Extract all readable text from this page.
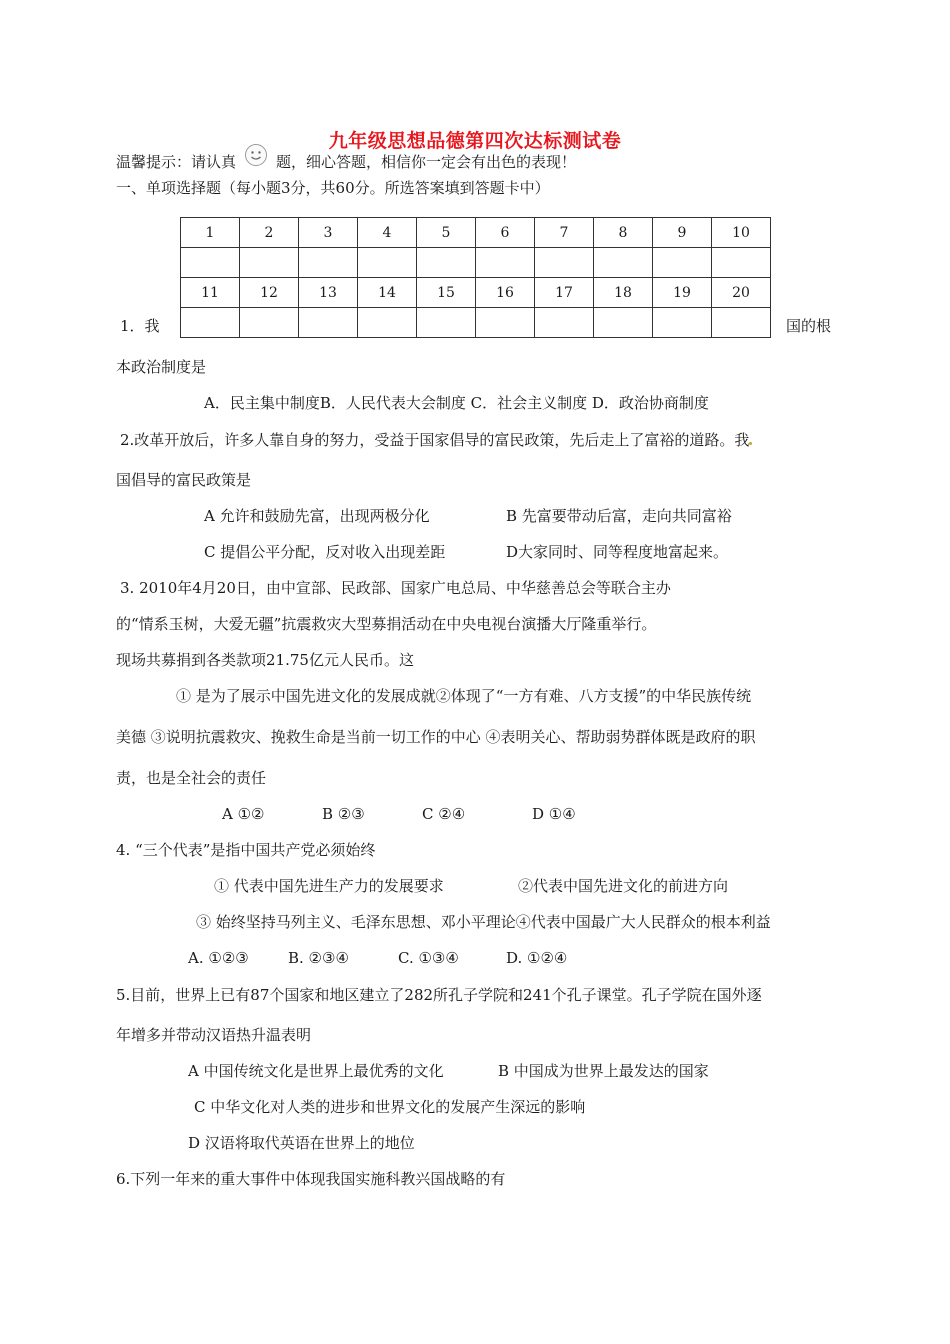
九年级思想品德第四次达标测试卷
温馨提示：请认真	题，细心答题，相信你一定会有出色的表现！
一、单项选择题（每小题3分，共60分。所选答案填到答题卡中）
1	2	3	4	5	6	7	8	9	10

11	12	13	14	15	16	17	18	19	20

1．我	国的根
本政治制度是
A．民主集中制度B．人民代表大会制度 C．社会主义制度 D．政治协商制度
2.改革开放后，许多人靠自身的努力，受益于国家倡导的富民政策，先后走上了富裕的道路。我
国倡导的富民政策是
A 允许和鼓励先富，出现两极分化	B 先富要带动后富，走向共同富裕
C 提倡公平分配，反对收入出现差距	D大家同时、同等程度地富起来。
3. 2010年4月20日，由中宣部、民政部、国家广电总局、中华慈善总会等联合主办
的“情系玉树，大爱无疆”抗震救灾大型募捐活动在中央电视台演播大厅隆重举行。
现场共募捐到各类款项21.75亿元人民币。这
① 是为了展示中国先进文化的发展成就②体现了“一方有难、八方支援”的中华民族传统
美德 ③说明抗震救灾、挽救生命是当前一切工作的中心 ④表明关心、帮助弱势群体既是政府的职
责，也是全社会的责任
A ①②	B ②③	C ②④	D ①④
4. “三个代表”是指中国共产党必须始终
① 代表中国先进生产力的发展要求	②代表中国先进文化的前进方向
③ 始终坚持马列主义、毛泽东思想、邓小平理论④代表中国最广大人民群众的根本利益
A. ①②③	B. ②③④	C. ①③④	D. ①②④
5.目前，世界上已有87个国家和地区建立了282所孔子学院和241个孔子课堂。孔子学院在国外逐
年增多并带动汉语热升温表明
A 中国传统文化是世界上最优秀的文化	B 中国成为世界上最发达的国家
C 中华文化对人类的进步和世界文化的发展产生深远的影响
D 汉语将取代英语在世界上的地位
6.下列一年来的重大事件中体现我国实施科教兴国战略的有
